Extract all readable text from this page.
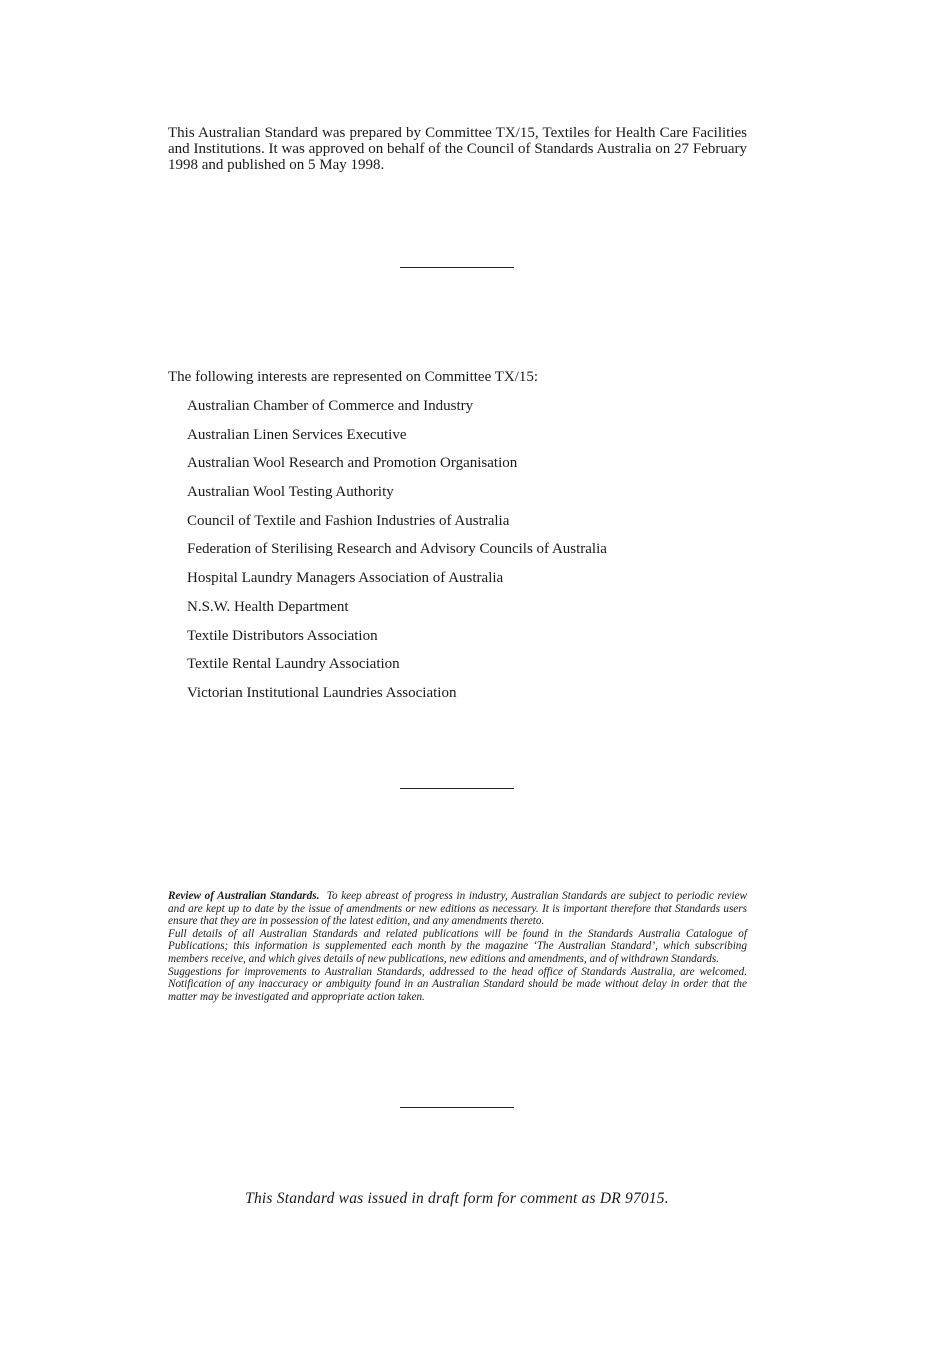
This Australian Standard was prepared by Committee TX/15, Textiles for Health Care Facilities and Institutions. It was approved on behalf of the Council of Standards Australia on 27 February 1998 and published on 5 May 1998.

The following interests are represented on Committee TX/15:

Australian Chamber of Commerce and Industry
Australian Linen Services Executive
Australian Wool Research and Promotion Organisation
Australian Wool Testing Authority
Council of Textile and Fashion Industries of Australia
Federation of Sterilising Research and Advisory Councils of Australia
Hospital Laundry Managers Association of Australia
N.S.W. Health Department
Textile Distributors Association
Textile Rental Laundry Association
Victorian Institutional Laundries Association

Review of Australian Standards. To keep abreast of progress in industry, Australian Standards are subject to periodic review and are kept up to date by the issue of amendments or new editions as necessary. It is important therefore that Standards users ensure that they are in possession of the latest edition, and any amendments thereto.

Full details of all Australian Standards and related publications will be found in the Standards Australia Catalogue of Publications; this information is supplemented each month by the magazine ‘The Australian Standard’, which subscribing members receive, and which gives details of new publications, new editions and amendments, and of withdrawn Standards.

Suggestions for improvements to Australian Standards, addressed to the head office of Standards Australia, are welcomed. Notification of any inaccuracy or ambiguity found in an Australian Standard should be made without delay in order that the matter may be investigated and appropriate action taken.

This Standard was issued in draft form for comment as DR 97015.
